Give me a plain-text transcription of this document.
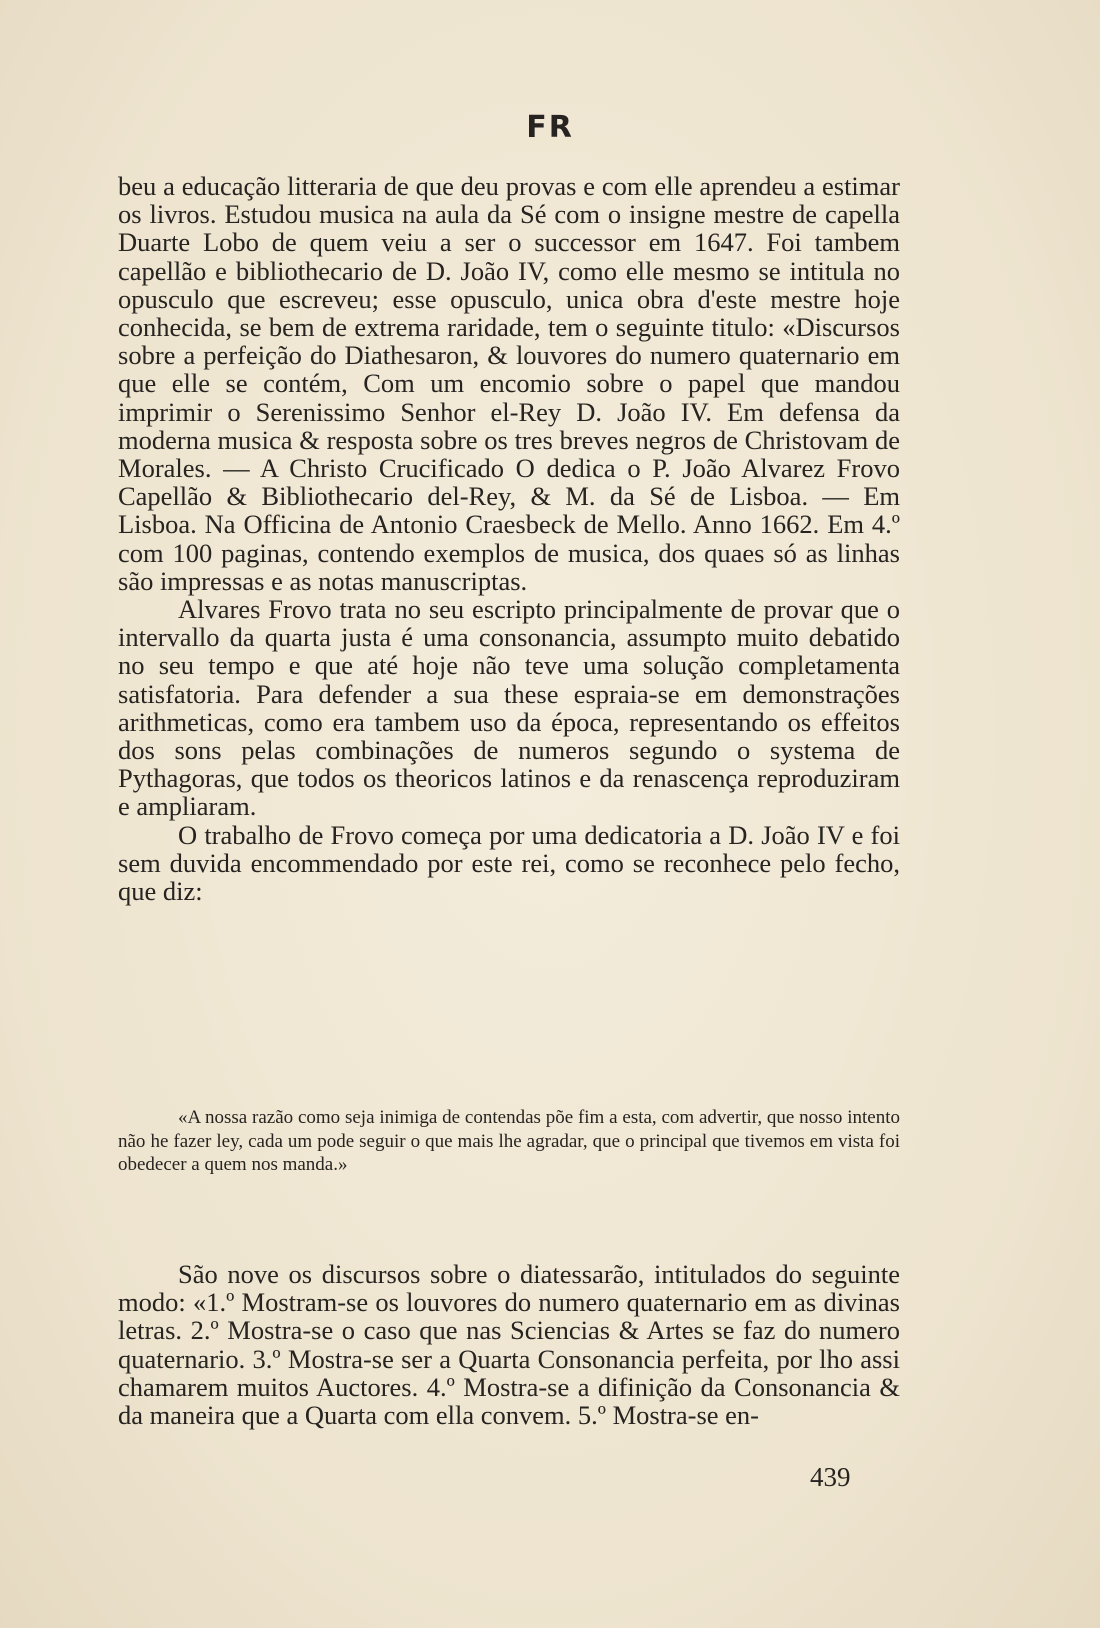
FR

beu a educação litteraria de que deu provas e com elle aprendeu a estimar os livros. Estudou musica na aula da Sé com o insigne mestre de capella Duarte Lobo de quem veiu a ser o successor em 1647. Foi tambem capellão e bibliothecario de D. João IV, como elle mesmo se intitula no opusculo que escreveu; esse opusculo, unica obra d'este mestre hoje conhecida, se bem de extrema raridade, tem o seguinte titulo: «Discursos sobre a perfeição do Diathesaron, & louvores do numero quaternario em que elle se contém, Com um encomio sobre o papel que mandou imprimir o Serenissimo Senhor el-Rey D. João IV. Em defensa da moderna musica & resposta sobre os tres breves negros de Christovam de Morales. — A Christo Crucificado O dedica o P. João Alvarez Frovo Capellão & Bibliothecario del-Rey, & M. da Sé de Lisboa. — Em Lisboa. Na Officina de Antonio Craesbeck de Mello. Anno 1662. Em 4.º com 100 paginas, contendo exemplos de musica, dos quaes só as linhas são impressas e as notas manuscriptas.

Alvares Frovo trata no seu escripto principalmente de provar que o intervallo da quarta justa é uma consonancia, assumpto muito debatido no seu tempo e que até hoje não teve uma solução completamenta satisfatoria. Para defender a sua these espraia-se em demonstrações arithmeticas, como era tambem uso da época, representando os effeitos dos sons pelas combinações de numeros segundo o systema de Pythagoras, que todos os theoricos latinos e da renascença reproduziram e ampliaram.

O trabalho de Frovo começa por uma dedicatoria a D. João IV e foi sem duvida encommendado por este rei, como se reconhece pelo fecho, que diz:

«A nossa razão como seja inimiga de contendas põe fim a esta, com advertir, que nosso intento não he fazer ley, cada um pode seguir o que mais lhe agradar, que o principal que tivemos em vista foi obedecer a quem nos manda.»

São nove os discursos sobre o diatessarão, intitulados do seguinte modo: «1.º Mostram-se os louvores do numero quaternario em as divinas letras. 2.º Mostra-se o caso que nas Sciencias & Artes se faz do numero quaternario. 3.º Mostra-se ser a Quarta Consonancia perfeita, por lho assi chamarem muitos Auctores. 4.º Mostra-se a difinição da Consonancia & da maneira que a Quarta com ella convem. 5.º Mostra-se en-

439
